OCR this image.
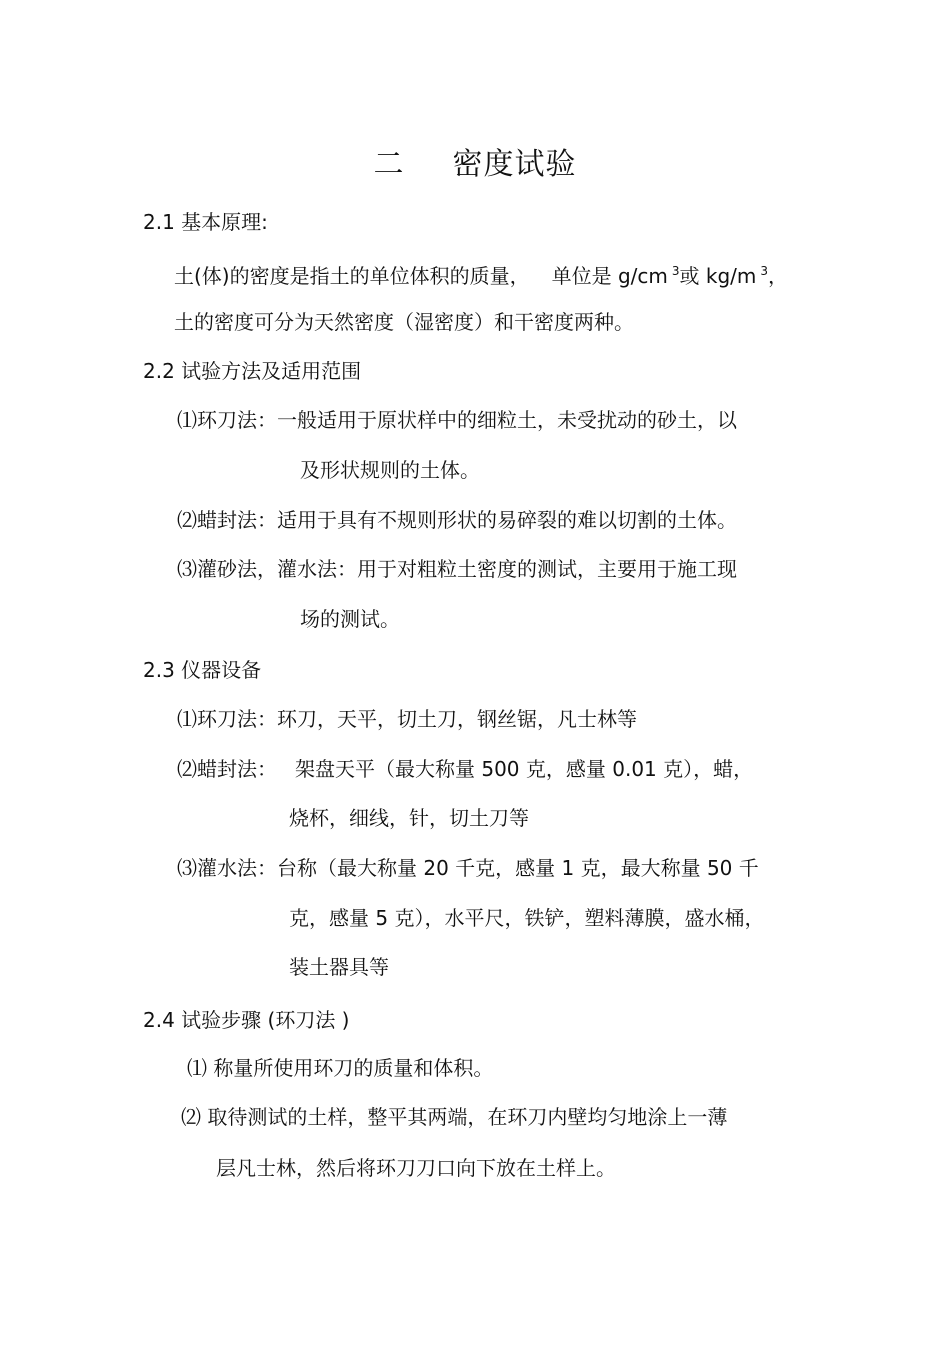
二 密度试验
2.1 基本原理:
土(体)的密度是指土的单位体积的质量， 单位是 g/cm $^3$或 kg/m $^3$，
土的密度可分为天然密度（湿密度）和干密度两种。
2.2 试验方法及适用范围
⑴环刀法：一般适用于原状样中的细粒土，未受扰动的砂土，以
及形状规则的土体。
⑵蜡封法：适用于具有不规则形状的易碎裂的难以切割的土体。
⑶灌砂法，灌水法：用于对粗粒土密度的测试，主要用于施工现
场的测试。
2.3 仪器设备
⑴环刀法：环刀，天平，切土刀，钢丝锯，凡士林等
⑵蜡封法： 架盘天平（最大称量 500 克，感量 0.01 克），蜡，
烧杯，细线，针，切土刀等
⑶灌水法：台称（最大称量 20 千克，感量 1 克，最大称量 50 千
克，感量 5 克），水平尺，铁铲，塑料薄膜，盛水桶，
装土器具等
2.4 试验步骤 (环刀法 )
⑴ 称量所使用环刀的质量和体积。
⑵ 取待测试的土样，整平其两端，在环刀内壁均匀地涂上一薄
层凡士林，然后将环刀刀口向下放在土样上。
